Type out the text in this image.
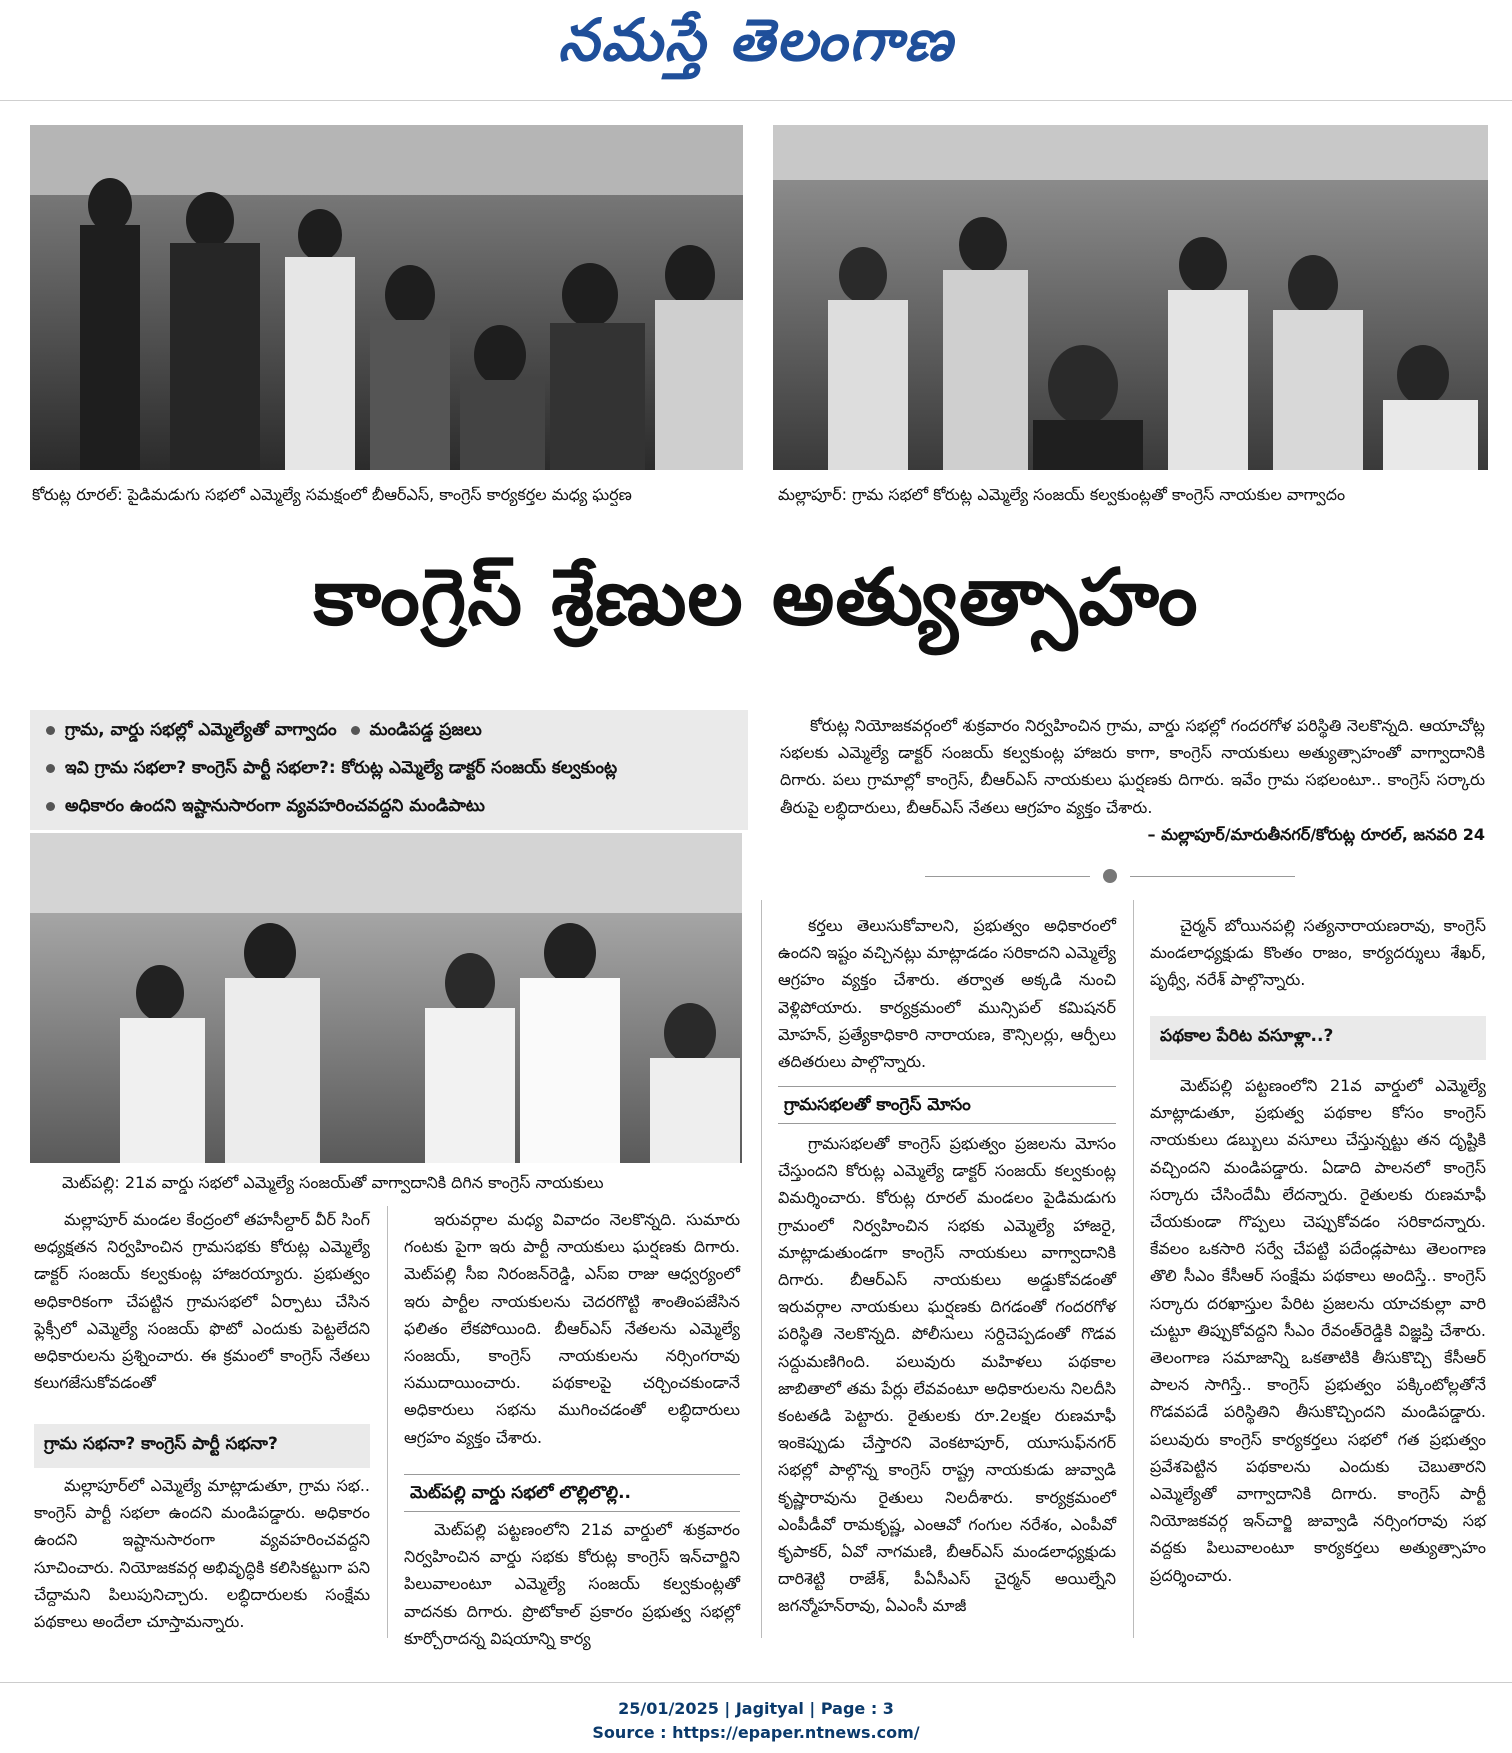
నమస్తే తెలంగాణ
కోరుట్ల రూరల్‌: పైడిమడుగు సభలో ఎమ్మెల్యే సమక్షంలో బీఆర్‌ఎస్‌, కాంగ్రెస్‌ కార్యకర్తల మధ్య ఘర్షణ	మల్లాపూర్‌: గ్రామ సభలో కోరుట్ల ఎమ్మెల్యే సంజయ్‌ కల్వకుంట్లతో కాంగ్రెస్‌ నాయకుల వాగ్వాదం
కాంగ్రెస్‌ శ్రేణుల అత్యుత్సాహం
గ్రామ, వార్డు సభల్లో ఎమ్మెల్యేతో వాగ్వాదం మండిపడ్డ ప్రజలు
ఇవి గ్రామ సభలా? కాంగ్రెస్‌ పార్టీ సభలా?: కోరుట్ల ఎమ్మెల్యే డాక్టర్‌ సంజయ్‌ కల్వకుంట్ల
అధికారం ఉందని ఇష్టానుసారంగా వ్యవహరించవద్దని మండిపాటు

కోరుట్ల నియోజకవర్గంలో శుక్రవారం నిర్వహించిన గ్రామ, వార్డు సభల్లో గందరగోళ పరిస్థితి నెలకొన్నది. ఆయాచోట్ల సభలకు ఎమ్మెల్యే డాక్టర్‌ సంజయ్‌ కల్వకుంట్ల హాజరు కాగా, కాంగ్రెస్‌ నాయకులు అత్యుత్సాహంతో వాగ్వాదానికి దిగారు. పలు గ్రామాల్లో కాంగ్రెస్‌, బీఆర్‌ఎస్‌ నాయకులు ఘర్షణకు దిగారు. ఇవేం గ్రామ సభలంటూ.. కాంగ్రెస్‌ సర్కారు తీరుపై లబ్ధిదారులు, బీఆర్‌ఎస్‌ నేతలు ఆగ్రహం వ్యక్తం చేశారు.

– మల్లాపూర్‌/మారుతీనగర్‌/కోరుట్ల రూరల్‌, జనవరి 24
మెట్‌పల్లి: 21వ వార్డు సభలో ఎమ్మెల్యే సంజయ్‌తో వాగ్వాదానికి దిగిన కాంగ్రెస్‌ నాయకులు

మల్లాపూర్‌ మండల కేంద్రంలో తహసీల్దార్‌ వీర్‌ సింగ్‌ అధ్యక్షతన నిర్వహించిన గ్రామసభకు కోరుట్ల ఎమ్మెల్యే డాక్టర్‌ సంజయ్‌ కల్వకుంట్ల హాజరయ్యారు. ప్రభుత్వం అధికారికంగా చేపట్టిన గ్రామసభలో ఏర్పాటు చేసిన ఫ్లెక్సీలో ఎమ్మెల్యే సంజయ్‌ ఫొటో ఎందుకు పెట్టలేదని అధికారులను ప్రశ్నించారు. ఈ క్రమంలో కాంగ్రెస్‌ నేతలు కలుగజేసుకోవడంతో

గ్రామ సభనా? కాంగ్రెస్‌ పార్టీ సభనా?

మల్లాపూర్‌లో ఎమ్మెల్యే మాట్లాడుతూ, గ్రామ సభ.. కాంగ్రెస్‌ పార్టీ సభలా ఉందని మండిపడ్డారు. అధికారం ఉందని ఇష్టానుసారంగా వ్యవహరించవద్దని సూచించారు. నియోజకవర్గ అభివృద్ధికి కలిసికట్టుగా పని చేద్దామని పిలుపునిచ్చారు. లబ్ధిదారులకు సంక్షేమ పథకాలు అందేలా చూస్తామన్నారు.

ఇరువర్గాల మధ్య వివాదం నెలకొన్నది. సుమారు గంటకు పైగా ఇరు పార్టీ నాయకులు ఘర్షణకు దిగారు. మెట్‌పల్లి సీఐ నిరంజన్‌రెడ్డి, ఎస్‌ఐ రాజు ఆధ్వర్యంలో ఇరు పార్టీల నాయకులను చెదరగొట్టి శాంతింపజేసిన ఫలితం లేకపోయింది. బీఆర్‌ఎస్‌ నేతలను ఎమ్మెల్యే సంజయ్‌, కాంగ్రెస్‌ నాయకులను నర్సింగరావు సముదాయించారు. పథకాలపై చర్చించకుండానే అధికారులు సభను ముగించడంతో లబ్ధిదారులు ఆగ్రహం వ్యక్తం చేశారు.

మెట్‌పల్లి వార్డు సభలో లొల్లిలొల్లి..

మెట్‌పల్లి పట్టణంలోని 21వ వార్డులో శుక్రవారం నిర్వహించిన వార్డు సభకు కోరుట్ల కాంగ్రెస్‌ ఇన్‌చార్జిని పిలువాలంటూ ఎమ్మెల్యే సంజయ్‌ కల్వకుంట్లతో వాదనకు దిగారు. ప్రొటోకాల్‌ ప్రకారం ప్రభుత్వ సభల్లో కూర్చోరాదన్న విషయాన్ని కార్య

కర్తలు తెలుసుకోవాలని, ప్రభుత్వం అధికారంలో ఉందని ఇష్టం వచ్చినట్లు మాట్లాడడం సరికాదని ఎమ్మెల్యే ఆగ్రహం వ్యక్తం చేశారు. తర్వాత అక్కడి నుంచి వెళ్లిపోయారు. కార్యక్రమంలో మున్సిపల్‌ కమిషనర్‌ మోహన్‌, ప్రత్యేకాధికారి నారాయణ, కౌన్సిలర్లు, ఆర్పీలు తదితరులు పాల్గొన్నారు.

గ్రామసభలతో కాంగ్రెస్‌ మోసం

గ్రామసభలతో కాంగ్రెస్‌ ప్రభుత్వం ప్రజలను మోసం చేస్తుందని కోరుట్ల ఎమ్మెల్యే డాక్టర్‌ సంజయ్‌ కల్వకుంట్ల విమర్శించారు. కోరుట్ల రూరల్‌ మండలం పైడిమడుగు గ్రామంలో నిర్వహించిన సభకు ఎమ్మెల్యే హాజరై, మాట్లాడుతుండగా కాంగ్రెస్‌ నాయకులు వాగ్వాదానికి దిగారు. బీఆర్‌ఎస్‌ నాయకులు అడ్డుకోవడంతో ఇరువర్గాల నాయకులు ఘర్షణకు దిగడంతో గందరగోళ పరిస్థితి నెలకొన్నది. పోలీసులు సర్దిచెప్పడంతో గొడవ సద్దుమణిగింది. పలువురు మహిళలు పథకాల జాబితాలో తమ పేర్లు లేవవంటూ అధికారులను నిలదీసి కంటతడి పెట్టారు. రైతులకు రూ.2లక్షల రుణమాఫీ ఇంకెప్పుడు చేస్తారని వెంకటాపూర్‌, యూసుఫ్‌నగర్‌ సభల్లో పాల్గొన్న కాంగ్రెస్‌ రాష్ట్ర నాయకుడు జువ్వాడి కృష్ణారావును రైతులు నిలదీశారు. కార్యక్రమంలో ఎంపీడీవో రామకృష్ణ, ఎంఆవో గంగుల నరేశం, ఎంపీవో కృపాకర్‌, ఏవో నాగమణి, బీఆర్‌ఎస్‌ మండలాధ్యక్షుడు దారిశెట్టి రాజేశ్‌, పీఏసీఎస్‌ చైర్మన్‌ అయిల్నేని జగన్మోహన్‌రావు, ఏఎంసీ మాజీ

చైర్మన్‌ బోయినపల్లి సత్యనారాయణరావు, కాంగ్రెస్‌ మండలాధ్యక్షుడు కొంతం రాజం, కార్యదర్శులు శేఖర్‌, పృథ్వీ, నరేశ్‌ పాల్గొన్నారు.

పథకాల పేరిట వసూళ్లా..?

మెట్‌పల్లి పట్టణంలోని 21వ వార్డులో ఎమ్మెల్యే మాట్లాడుతూ, ప్రభుత్వ పథకాల కోసం కాంగ్రెస్‌ నాయకులు డబ్బులు వసూలు చేస్తున్నట్టు తన దృష్టికి వచ్చిందని మండిపడ్డారు. ఏడాది పాలనలో కాంగ్రెస్‌ సర్కారు చేసిందేమీ లేదన్నారు. రైతులకు రుణమాఫీ చేయకుండా గొప్పలు చెప్పుకోవడం సరికాదన్నారు. కేవలం ఒకసారి సర్వే చేపట్టి పదేండ్లపాటు తెలంగాణ తొలి సీఎం కేసీఆర్‌ సంక్షేమ పథకాలు అందిస్తే.. కాంగ్రెస్‌ సర్కారు దరఖాస్తుల పేరిట ప్రజలను యాచకుల్లా వారి చుట్టూ తిప్పుకోవద్దని సీఎం రేవంత్‌రెడ్డికి విజ్ఞప్తి చేశారు. తెలంగాణ సమాజాన్ని ఒకతాటికి తీసుకొచ్చి కేసీఆర్‌ పాలన సాగిస్తే.. కాంగ్రెస్‌ ప్రభుత్వం పక్కింటోల్లతోనే గొడవపడే పరిస్థితిని తీసుకొచ్చిందని మండిపడ్డారు. పలువురు కాంగ్రెస్‌ కార్యకర్తలు సభలో గత ప్రభుత్వం ప్రవేశపెట్టిన పథకాలను ఎందుకు చెబుతారని ఎమ్మెల్యేతో వాగ్వాదానికి దిగారు. కాంగ్రెస్‌ పార్టీ నియోజకవర్గ ఇన్‌చార్జి జువ్వాడి నర్సింగరావు సభ వద్దకు పిలువాలంటూ కార్యకర్తలు అత్యుత్సాహం ప్రదర్శించారు.

25/01/2025 | Jagityal | Page : 3
Source : https://epaper.ntnews.com/
